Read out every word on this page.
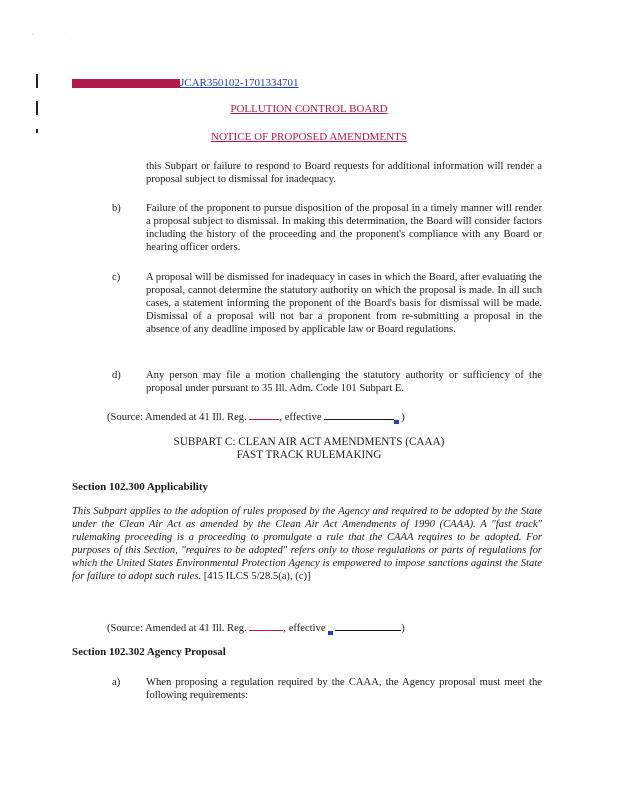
'	·
JCAR350102-1701334701
POLLUTION CONTROL BOARD
NOTICE OF PROPOSED AMENDMENTS
this Subpart or failure to respond to Board requests for additional information will render a proposal subject to dismissal for inadequacy.
b) Failure of the proponent to pursue disposition of the proposal in a timely manner will render a proposal subject to dismissal. In making this determination, the Board will consider factors including the history of the proceeding and the proponent's compliance with any Board or hearing officer orders.
c) A proposal will be dismissed for inadequacy in cases in which the Board, after evaluating the proposal, cannot determine the statutory authority on which the proposal is made. In all such cases, a statement informing the proponent of the Board's basis for dismissal will be made. Dismissal of a proposal will not bar a proponent from re-submitting a proposal in the absence of any deadline imposed by applicable law or Board regulations.
d) Any person may file a motion challenging the statutory authority or sufficiency of the proposal under pursuant to 35 Ill. Adm. Code 101 Subpart E.
(Source: Amended at 41 Ill. Reg.	, effective	)
SUBPART C: CLEAN AIR ACT AMENDMENTS (CAAA)
FAST TRACK RULEMAKING
Section 102.300 Applicability
This Subpart applies to the adoption of rules proposed by the Agency and required to be adopted by the State under the Clean Air Act as amended by the Clean Air Act Amendments of 1990 (CAAA). A "fast track" rulemaking proceeding is a proceeding to promulgate a rule that the CAAA requires to be adopted. For purposes of this Section, "requires to be adopted" refers only to those regulations or parts of regulations for which the United States Environmental Protection Agency is empowered to impose sanctions against the State for failure to adopt such rules. [415 ILCS 5/28.5(a), (c)]
(Source: Amended at 41 Ill. Reg.	, effective	)
Section 102.302 Agency Proposal
a) When proposing a regulation required by the CAAA, the Agency proposal must meet the following requirements:
